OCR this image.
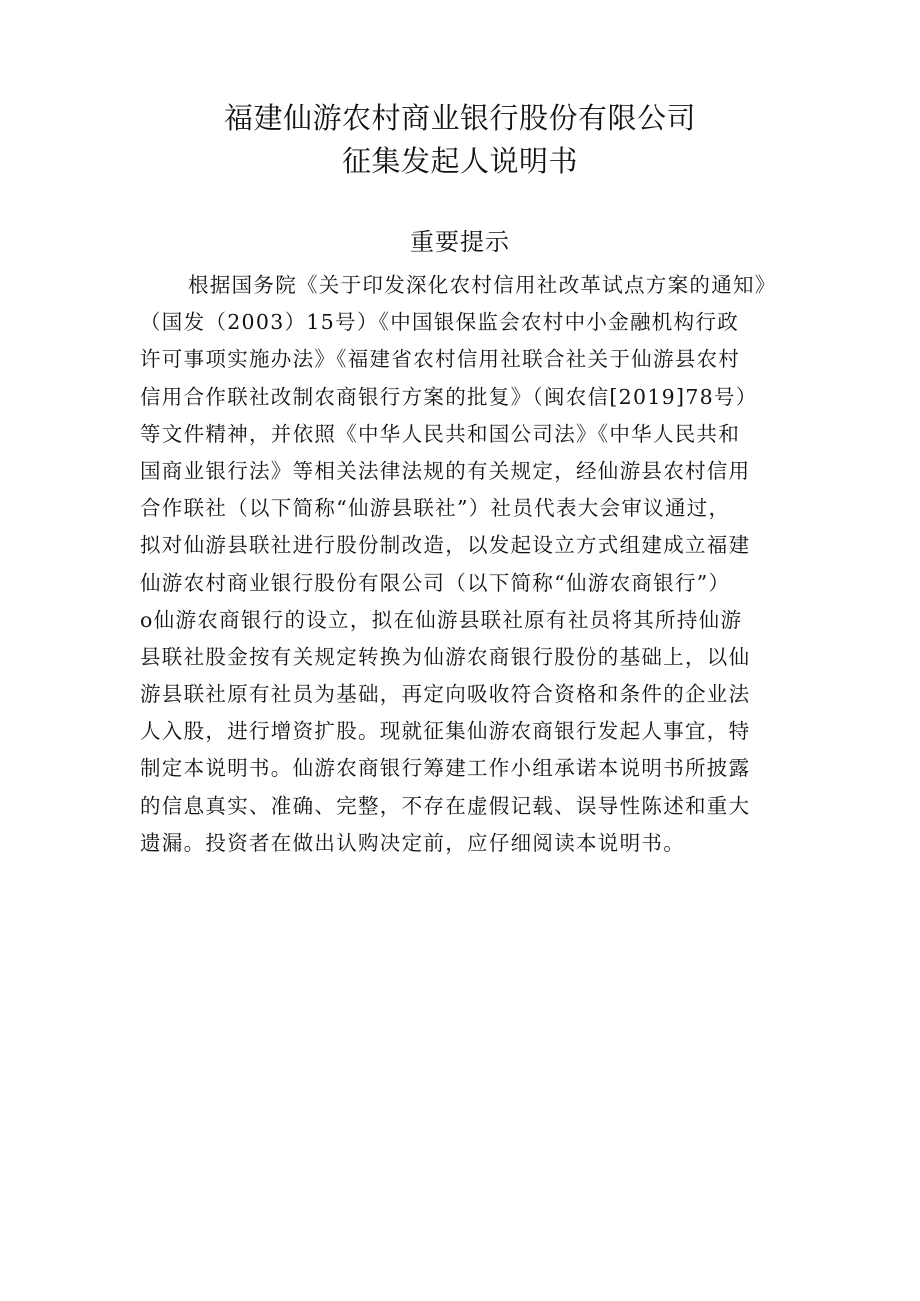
福建仙游农村商业银行股份有限公司
征集发起人说明书
重要提示
根据国务院《关于印发深化农村信用社改革试点方案的通知》
（国发（2003）15号）《中国银保监会农村中小金融机构行政
许可事项实施办法》《福建省农村信用社联合社关于仙游县农村
信用合作联社改制农商银行方案的批复》（闽农信[2019]78号）
等文件精神，并依照《中华人民共和国公司法》《中华人民共和
国商业银行法》等相关法律法规的有关规定，经仙游县农村信用
合作联社（以下简称“仙游县联社”）社员代表大会审议通过，
拟对仙游县联社进行股份制改造，以发起设立方式组建成立福建
仙游农村商业银行股份有限公司（以下简称“仙游农商银行”）
o仙游农商银行的设立，拟在仙游县联社原有社员将其所持仙游
县联社股金按有关规定转换为仙游农商银行股份的基础上，以仙
游县联社原有社员为基础，再定向吸收符合资格和条件的企业法
人入股，进行增资扩股。现就征集仙游农商银行发起人事宜，特
制定本说明书。仙游农商银行筹建工作小组承诺本说明书所披露
的信息真实、准确、完整，不存在虚假记载、误导性陈述和重大
遗漏。投资者在做出认购决定前，应仔细阅读本说明书。
